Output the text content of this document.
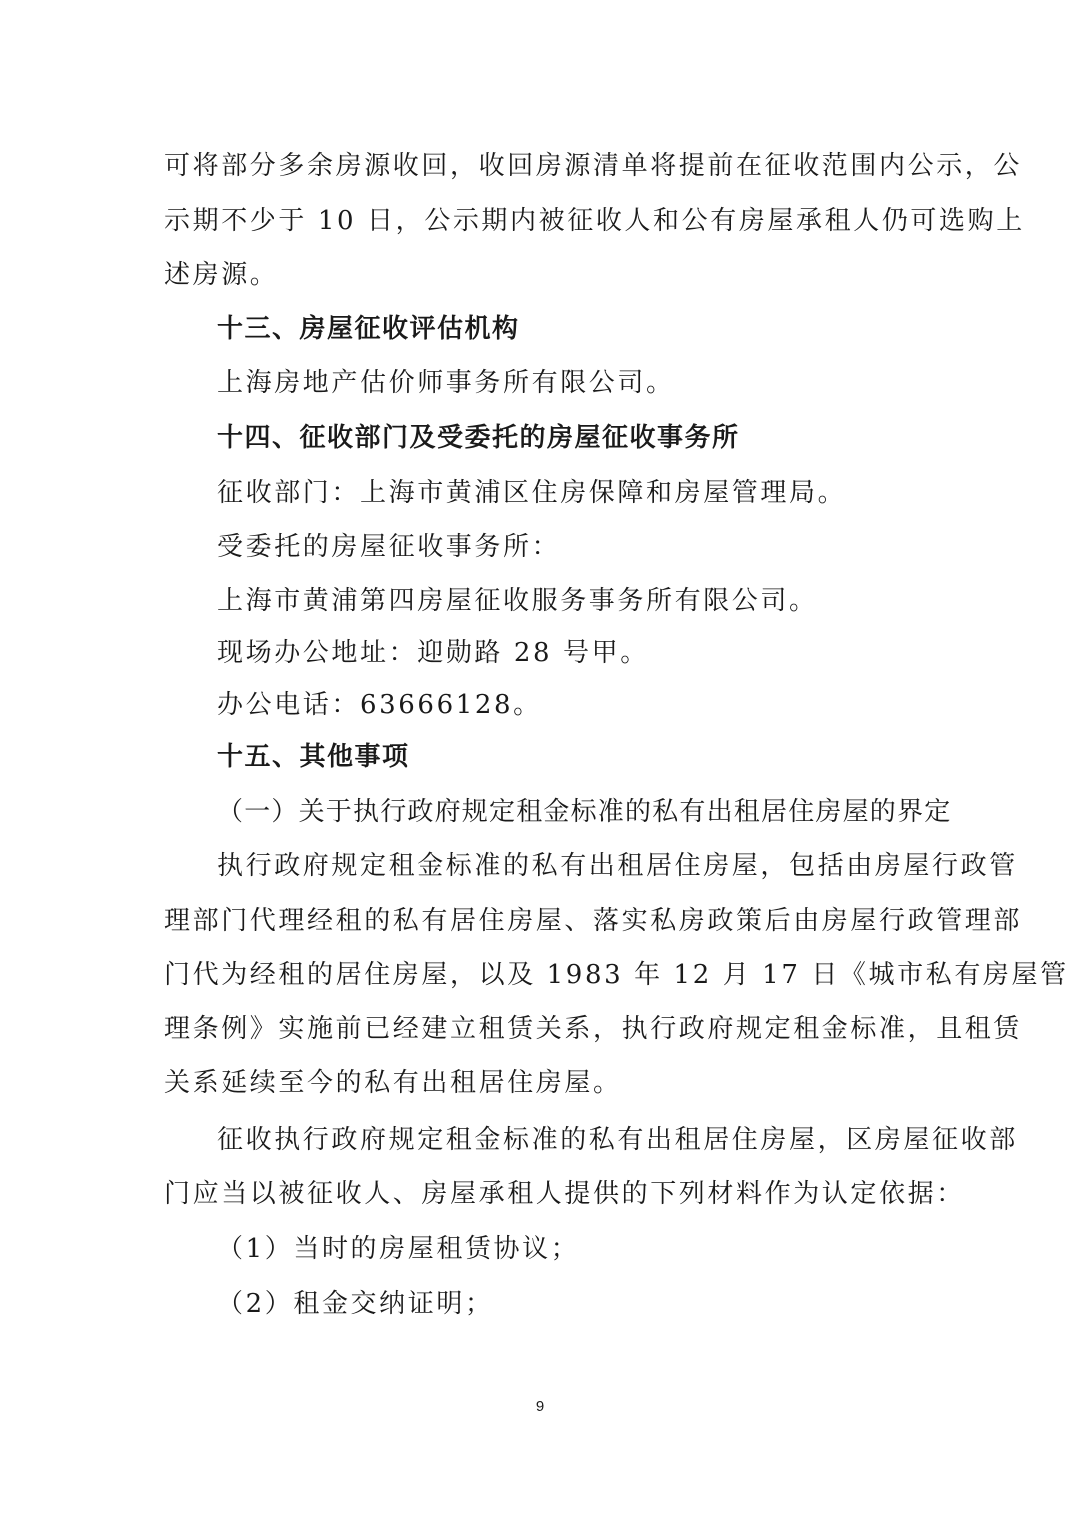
可将部分多余房源收回，收回房源清单将提前在征收范围内公示，公
示期不少于 10 日，公示期内被征收人和公有房屋承租人仍可选购上
述房源。
十三、房屋征收评估机构
上海房地产估价师事务所有限公司。
十四、征收部门及受委托的房屋征收事务所
征收部门：上海市黄浦区住房保障和房屋管理局。
受委托的房屋征收事务所：
上海市黄浦第四房屋征收服务事务所有限公司。
现场办公地址：迎勋路 28 号甲。
办公电话：63666128。
十五、其他事项
（一）关于执行政府规定租金标准的私有出租居住房屋的界定
执行政府规定租金标准的私有出租居住房屋，包括由房屋行政管
理部门代理经租的私有居住房屋、落实私房政策后由房屋行政管理部
门代为经租的居住房屋，以及 1983 年 12 月 17 日《城市私有房屋管
理条例》实施前已经建立租赁关系，执行政府规定租金标准，且租赁
关系延续至今的私有出租居住房屋。
征收执行政府规定租金标准的私有出租居住房屋，区房屋征收部
门应当以被征收人、房屋承租人提供的下列材料作为认定依据：
（1）当时的房屋租赁协议；
（2）租金交纳证明；
9
